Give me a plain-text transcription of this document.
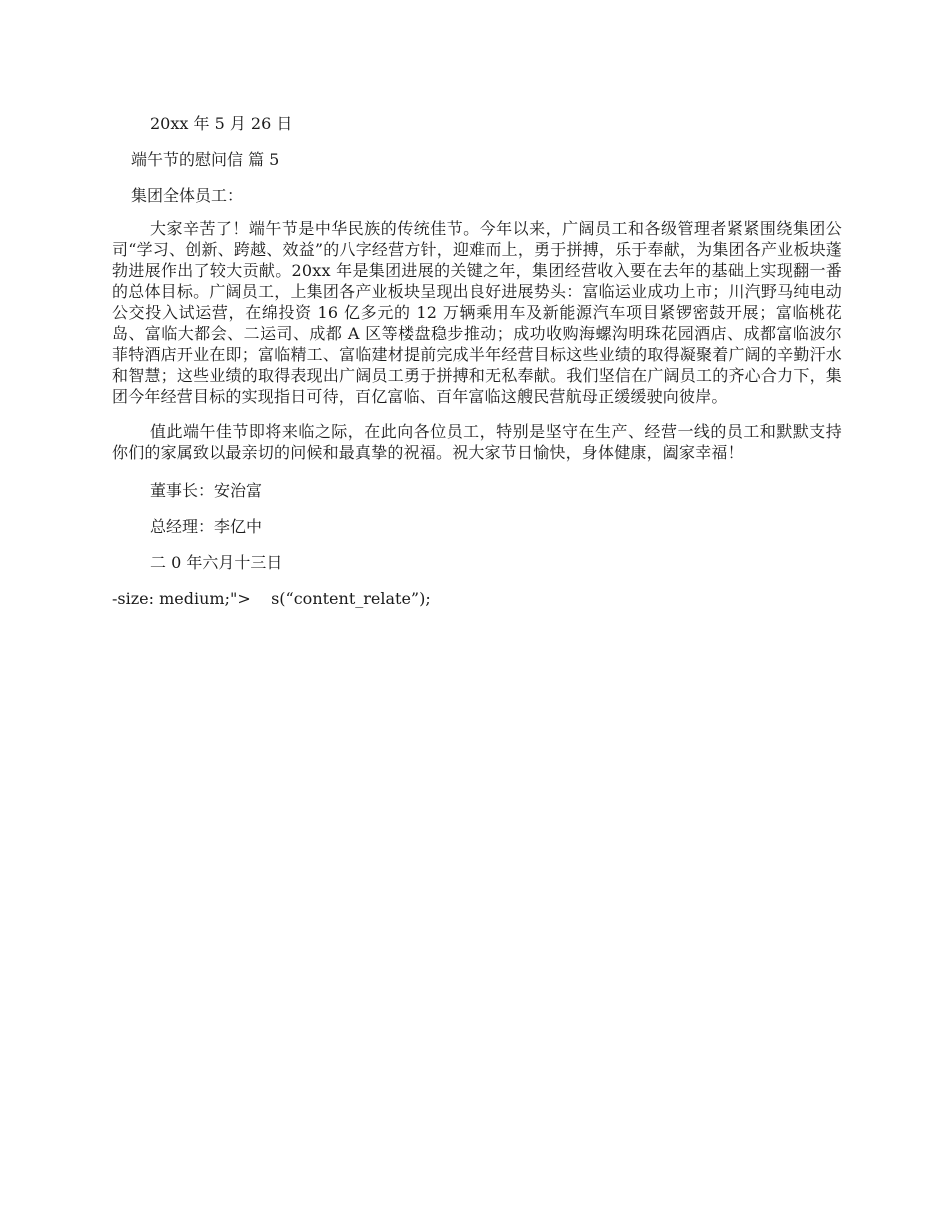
20xx 年 5 月 26 日
端午节的慰问信 篇 5
集团全体员工：

大家辛苦了！端午节是中华民族的传统佳节。今年以来，广阔员工和各级管理者紧紧围绕集团公司“学习、创新、跨越、效益”的八字经营方针，迎难而上，勇于拼搏，乐于奉献，为集团各产业板块蓬勃进展作出了较大贡献。20xx 年是集团进展的关键之年，集团经营收入要在去年的基础上实现翻一番的总体目标。广阔员工，上集团各产业板块呈现出良好进展势头：富临运业成功上市；川汽野马纯电动公交投入试运营，在绵投资 16 亿多元的 12 万辆乘用车及新能源汽车项目紧锣密鼓开展；富临桃花岛、富临大都会、二运司、成都 A 区等楼盘稳步推动；成功收购海螺沟明珠花园酒店、成都富临波尔菲特酒店开业在即；富临精工、富临建材提前完成半年经营目标这些业绩的取得凝聚着广阔的辛勤汗水和智慧；这些业绩的取得表现出广阔员工勇于拼搏和无私奉献。我们坚信在广阔员工的齐心合力下，集团今年经营目标的实现指日可待，百亿富临、百年富临这艘民营航母正缓缓驶向彼岸。

值此端午佳节即将来临之际，在此向各位员工，特别是坚守在生产、经营一线的员工和默默支持你们的家属致以最亲切的问候和最真挚的祝福。祝大家节日愉快，身体健康，阖家幸福！

董事长：安治富
总经理：李亿中
二 0 年六月十三日
-size: medium;">    s(“content_relate”);
